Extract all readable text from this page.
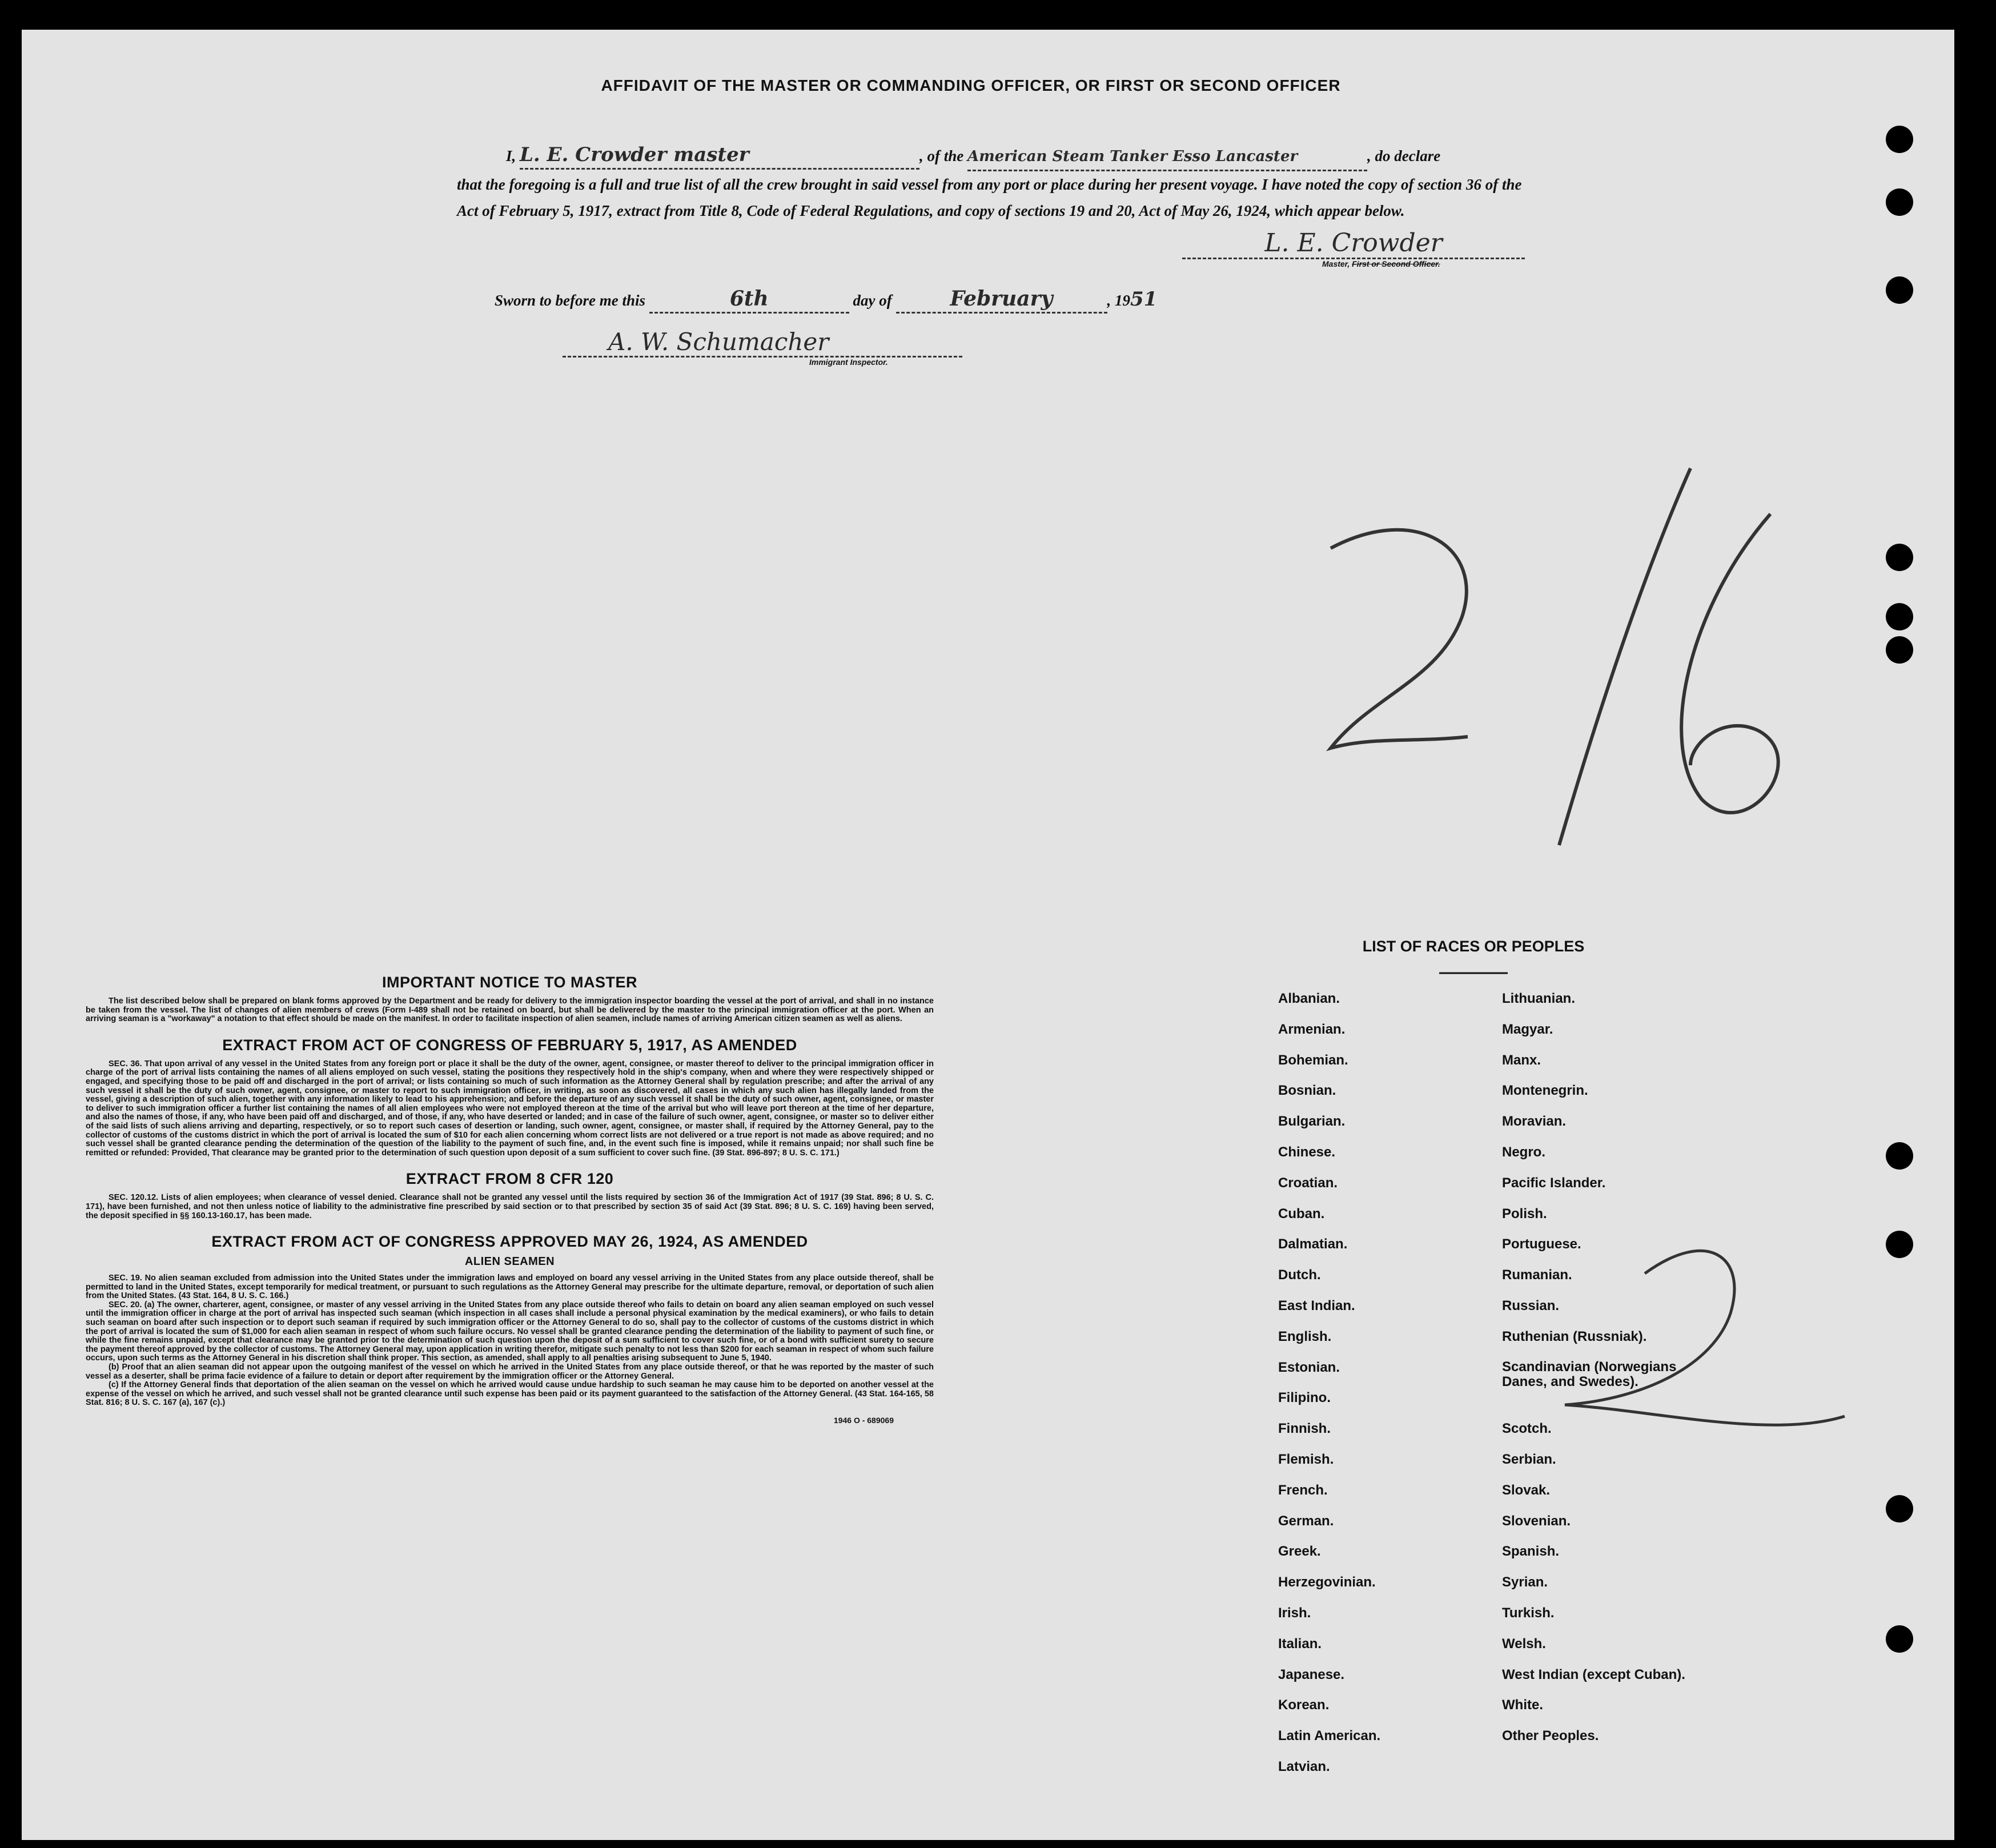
AFFIDAVIT OF THE MASTER OR COMMANDING OFFICER, OR FIRST OR SECOND OFFICER
I, L. E. Crowder master	, of the American Steam Tanker Esso Lancaster	, do declare
that the foregoing is a full and true list of all the crew brought in said vessel from any port or place during her present voyage. I have noted the copy of section 36 of the Act of February 5, 1917, extract from Title 8, Code of Federal Regulations, and copy of sections 19 and 20, Act of May 26, 1924, which appear below.
L. E. Crowder
Master, First or Second Officer.
Sworn to before me this	6th	day of	February	, 1951
A. W. Schumacher
Immigrant Inspector.
IMPORTANT NOTICE TO MASTER

The list described below shall be prepared on blank forms approved by the Department and be ready for delivery to the immigration inspector boarding the vessel at the port of arrival, and shall in no instance be taken from the vessel. The list of changes of alien members of crews (Form I-489 shall not be retained on board, but shall be delivered by the master to the principal immigration officer at the port. When an arriving seaman is a "workaway" a notation to that effect should be made on the manifest. In order to facilitate inspection of alien seamen, include names of arriving American citizen seamen as well as aliens.

EXTRACT FROM ACT OF CONGRESS OF FEBRUARY 5, 1917, AS AMENDED

SEC. 36. That upon arrival of any vessel in the United States from any foreign port or place it shall be the duty of the owner, agent, consignee, or master thereof to deliver to the principal immigration officer in charge of the port of arrival lists containing the names of all aliens employed on such vessel, stating the positions they respectively hold in the ship's company, when and where they were respectively shipped or engaged, and specifying those to be paid off and discharged in the port of arrival; or lists containing so much of such information as the Attorney General shall by regulation prescribe; and after the arrival of any such vessel it shall be the duty of such owner, agent, consignee, or master to report to such immigration officer, in writing, as soon as discovered, all cases in which any such alien has illegally landed from the vessel, giving a description of such alien, together with any information likely to lead to his apprehension; and before the departure of any such vessel it shall be the duty of such owner, agent, consignee, or master to deliver to such immigration officer a further list containing the names of all alien employees who were not employed thereon at the time of the arrival but who will leave port thereon at the time of her departure, and also the names of those, if any, who have been paid off and discharged, and of those, if any, who have deserted or landed; and in case of the failure of such owner, agent, consignee, or master so to deliver either of the said lists of such aliens arriving and departing, respectively, or so to report such cases of desertion or landing, such owner, agent, consignee, or master shall, if required by the Attorney General, pay to the collector of customs of the customs district in which the port of arrival is located the sum of $10 for each alien concerning whom correct lists are not delivered or a true report is not made as above required; and no such vessel shall be granted clearance pending the determination of the question of the liability to the payment of such fine, and, in the event such fine is imposed, while it remains unpaid; nor shall such fine be remitted or refunded: Provided, That clearance may be granted prior to the determination of such question upon deposit of a sum sufficient to cover such fine. (39 Stat. 896-897; 8 U. S. C. 171.)

EXTRACT FROM 8 CFR 120

SEC. 120.12. Lists of alien employees; when clearance of vessel denied. Clearance shall not be granted any vessel until the lists required by section 36 of the Immigration Act of 1917 (39 Stat. 896; 8 U. S. C. 171), have been furnished, and not then unless notice of liability to the administrative fine prescribed by said section or to that prescribed by section 35 of said Act (39 Stat. 896; 8 U. S. C. 169) having been served, the deposit specified in §§ 160.13-160.17, has been made.

EXTRACT FROM ACT OF CONGRESS APPROVED MAY 26, 1924, AS AMENDED
ALIEN SEAMEN

SEC. 19. No alien seaman excluded from admission into the United States under the immigration laws and employed on board any vessel arriving in the United States from any place outside thereof, shall be permitted to land in the United States, except temporarily for medical treatment, or pursuant to such regulations as the Attorney General may prescribe for the ultimate departure, removal, or deportation of such alien from the United States. (43 Stat. 164, 8 U. S. C. 166.)

SEC. 20. (a) The owner, charterer, agent, consignee, or master of any vessel arriving in the United States from any place outside thereof who fails to detain on board any alien seaman employed on such vessel until the immigration officer in charge at the port of arrival has inspected such seaman (which inspection in all cases shall include a personal physical examination by the medical examiners), or who fails to detain such seaman on board after such inspection or to deport such seaman if required by such immigration officer or the Attorney General to do so, shall pay to the collector of customs of the customs district in which the port of arrival is located the sum of $1,000 for each alien seaman in respect of whom such failure occurs. No vessel shall be granted clearance pending the determination of the liability to payment of such fine, or while the fine remains unpaid, except that clearance may be granted prior to the determination of such question upon the deposit of a sum sufficient to cover such fine, or of a bond with sufficient surety to secure the payment thereof approved by the collector of customs. The Attorney General may, upon application in writing therefor, mitigate such penalty to not less than $200 for each seaman in respect of whom such failure occurs, upon such terms as the Attorney General in his discretion shall think proper. This section, as amended, shall apply to all penalties arising subsequent to June 5, 1940.

(b) Proof that an alien seaman did not appear upon the outgoing manifest of the vessel on which he arrived in the United States from any place outside thereof, or that he was reported by the master of such vessel as a deserter, shall be prima facie evidence of a failure to detain or deport after requirement by the immigration officer or the Attorney General.

(c) If the Attorney General finds that deportation of the alien seaman on the vessel on which he arrived would cause undue hardship to such seaman he may cause him to be deported on another vessel at the expense of the vessel on which he arrived, and such vessel shall not be granted clearance until such expense has been paid or its payment guaranteed to the satisfaction of the Attorney General. (43 Stat. 164-165, 58 Stat. 816; 8 U. S. C. 167 (a), 167 (c).)

1946 O - 689069
LIST OF RACES OR PEOPLES
Albanian.
Armenian.
Bohemian.
Bosnian.
Bulgarian.
Chinese.
Croatian.
Cuban.
Dalmatian.
Dutch.
East Indian.
English.
Estonian.
Filipino.
Finnish.
Flemish.
French.
German.
Greek.
Herzegovinian.
Irish.
Italian.
Japanese.
Korean.
Latin American.
Latvian.
Lithuanian.
Magyar.
Manx.
Montenegrin.
Moravian.
Negro.
Pacific Islander.
Polish.
Portuguese.
Rumanian.
Russian.
Ruthenian (Russniak).
Scandinavian (Norwegians Danes, and Swedes).
Scotch.
Serbian.
Slovak.
Slovenian.
Spanish.
Syrian.
Turkish.
Welsh.
West Indian (except Cuban).
White.
Other Peoples.
